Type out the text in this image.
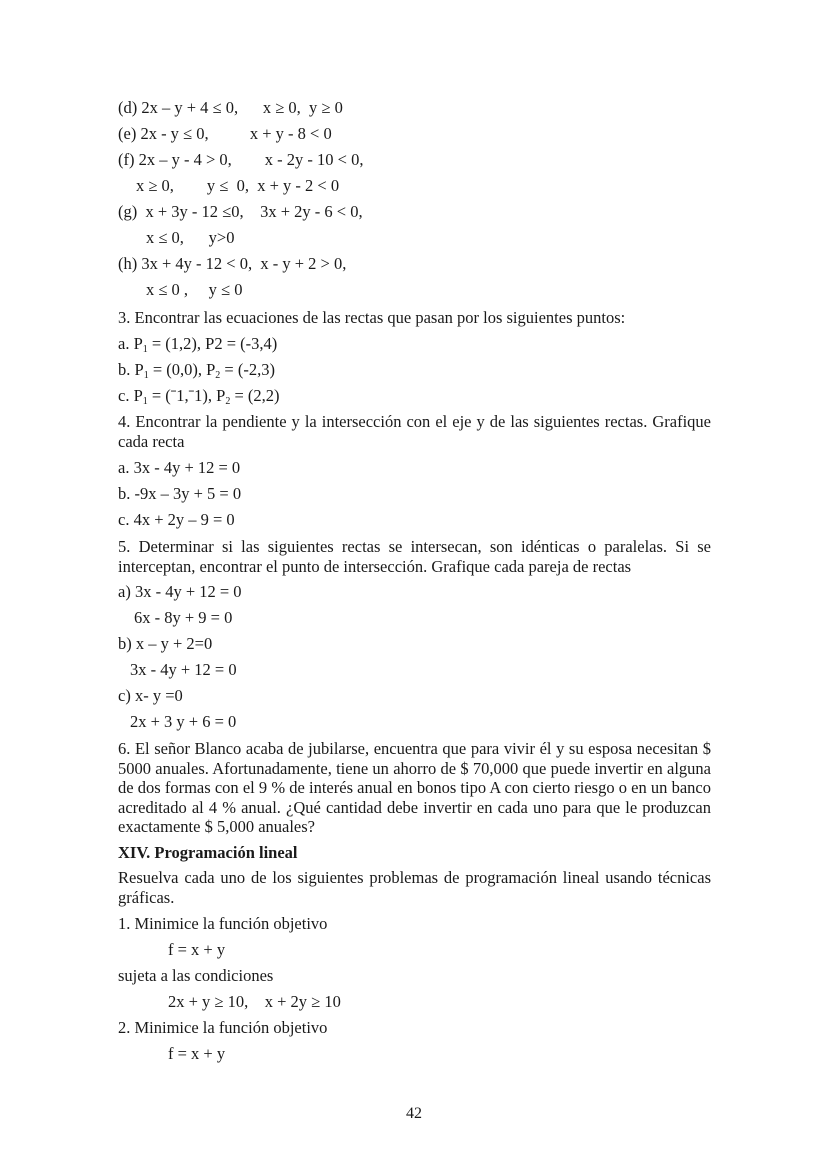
(d) 2x – y + 4 ≤ 0,      x ≥ 0,  y ≥ 0
(e) 2x - y ≤ 0,          x + y - 8 < 0
(f) 2x – y - 4 > 0,        x - 2y - 10 < 0,
x ≥ 0,        y ≤  0,  x + y - 2 < 0
(g)  x + 3y - 12 ≤0,    3x + 2y - 6 < 0,
x ≤ 0,      y>0
(h) 3x + 4y - 12 < 0,  x - y + 2 > 0,
x ≤ 0 ,     y ≤ 0
3. Encontrar las ecuaciones de las rectas que pasan por los siguientes puntos:
a. $P_1 = (1,2)$, P2 = (-3,4)
b. $P_1 = (0,0)$, $P_2 = (-2,3)$
c. $P_1$ = (ˉ1,ˉ1), $P_2 = (2,2)$
4. Encontrar la pendiente y la intersección con el eje y de las siguientes rectas. Grafique cada recta
a. 3x - 4y + 12 = 0
b. -9x – 3y + 5 = 0
c. 4x + 2y – 9 = 0
5. Determinar si las siguientes rectas se intersecan, son idénticas o paralelas. Si se interceptan, encontrar el punto de intersección. Grafique cada pareja de rectas
a) 3x - 4y + 12 = 0
6x - 8y + 9 = 0
b) x – y + 2=0
3x - 4y + 12 = 0
c) x- y =0
2x + 3 y + 6 = 0
6. El señor Blanco acaba de jubilarse, encuentra que para vivir él y su esposa necesitan $ 5000 anuales. Afortunadamente, tiene un ahorro de $ 70,000 que puede invertir en alguna de dos formas con el 9 % de interés anual en bonos tipo A con cierto riesgo o en un banco acreditado al 4 % anual. ¿Qué cantidad debe invertir en cada uno para que le produzcan exactamente $ 5,000 anuales?
XIV. Programación lineal
Resuelva cada uno de los siguientes problemas de programación lineal usando técnicas gráficas.
1. Minimice la función objetivo
f = x + y
sujeta a las condiciones
2x + y ≥ 10,    x + 2y ≥ 10
2. Minimice la función objetivo
f = x + y
42
